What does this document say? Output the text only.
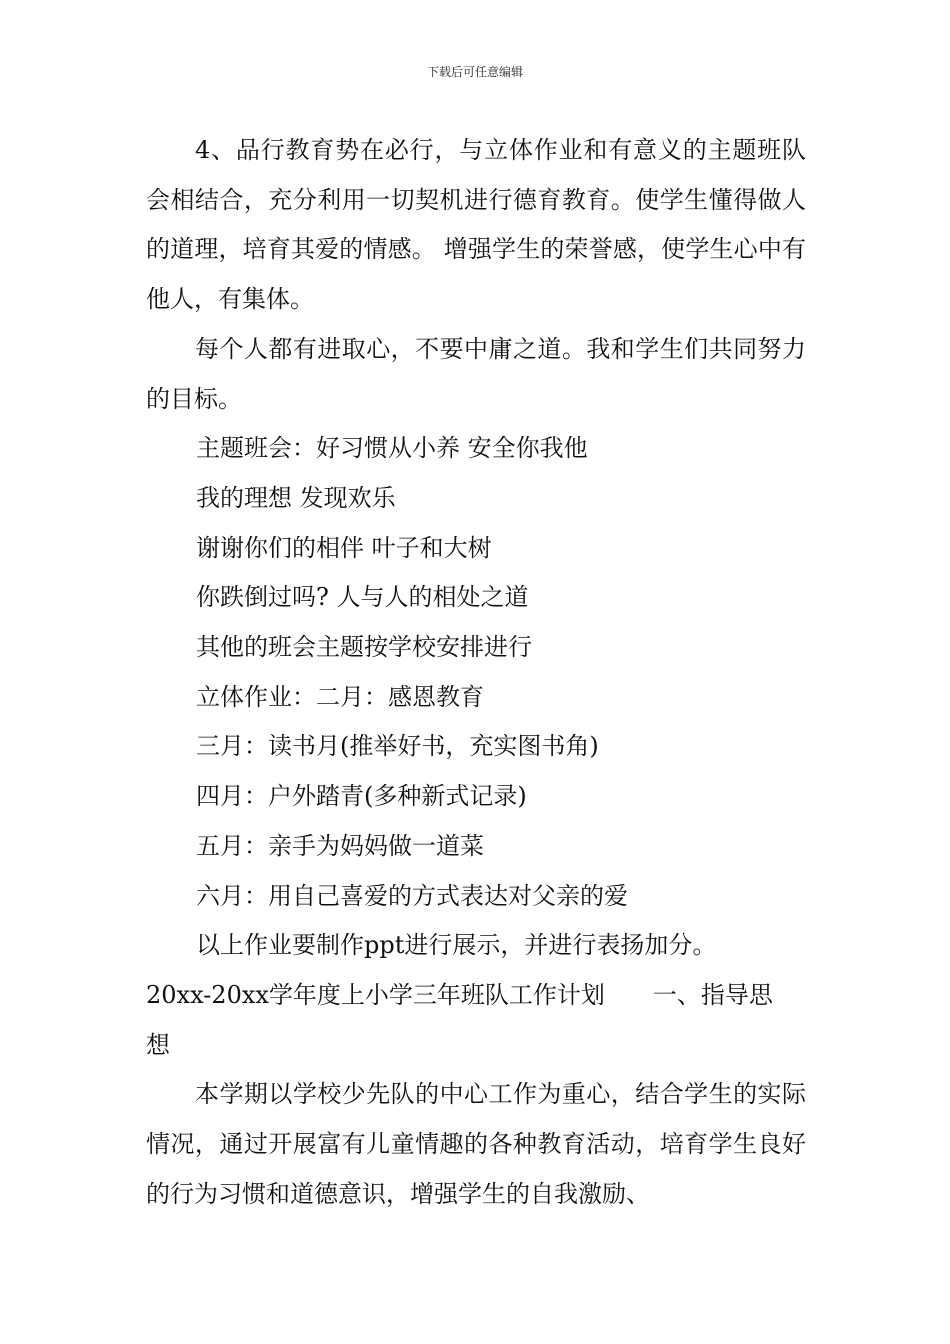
下载后可任意编辑

4、品行教育势在必行，与立体作业和有意义的主题班队会相结合，充分利用一切契机进行德育教育。使学生懂得做人的道理，培育其爱的情感。 增强学生的荣誉感，使学生心中有他人，有集体。

每个人都有进取心，不要中庸之道。我和学生们共同努力的目标。

主题班会：好习惯从小养 安全你我他

我的理想 发现欢乐

谢谢你们的相伴 叶子和大树

你跌倒过吗? 人与人的相处之道

其他的班会主题按学校安排进行

立体作业：二月：感恩教育

三月：读书月(推举好书，充实图书角)

四月：户外踏青(多种新式记录)

五月：亲手为妈妈做一道菜

六月：用自己喜爱的方式表达对父亲的爱

以上作业要制作ppt进行展示，并进行表扬加分。

20xx-20xx学年度上小学三年班队工作计划　　一、指导思

想

本学期以学校少先队的中心工作为重心，结合学生的实际情况，通过开展富有儿童情趣的各种教育活动，培育学生良好的行为习惯和道德意识，增强学生的自我激励、
